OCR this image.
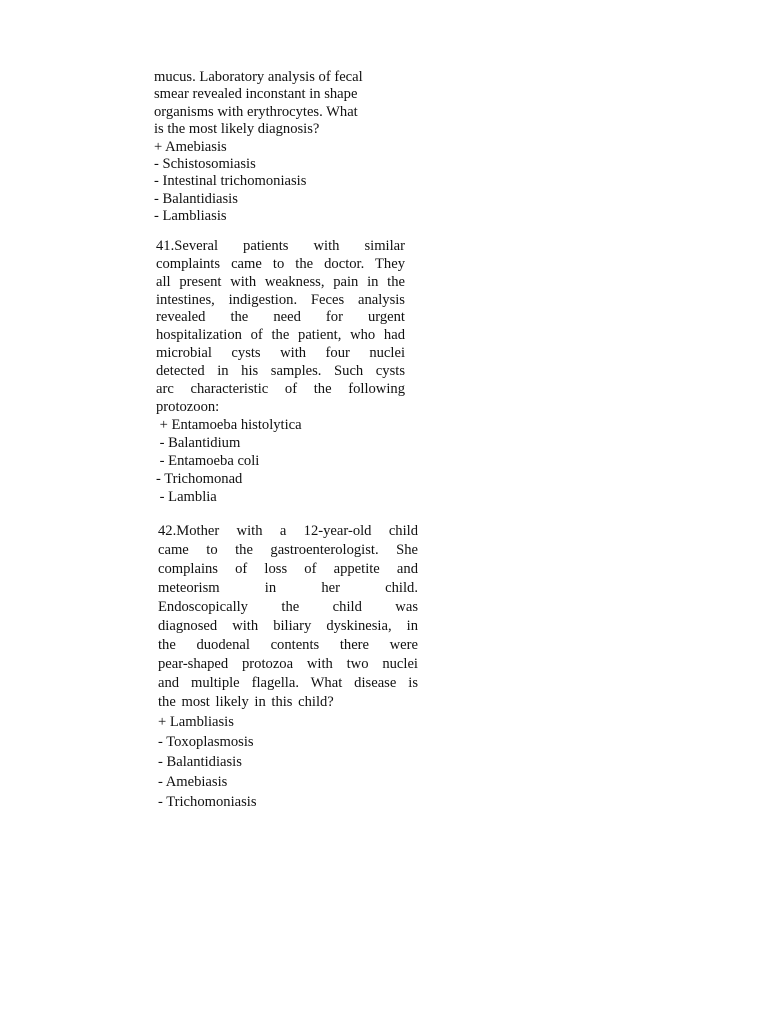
mucus. Laboratory analysis of fecal
smear revealed inconstant in shape
organisms with erythrocytes. What
is the most likely diagnosis?
+ Amebiasis
- Schistosomiasis
- Intestinal trichomoniasis
- Balantidiasis
- Lambliasis
41.Several patients with similar
complaints came to the doctor. They
all present with weakness, pain in the
intestines, indigestion. Feces analysis
revealed the need for urgent
hospitalization of the patient, who had
microbial cysts with four nuclei
detected in his samples. Such cysts
arc characteristic of the following
protozoon:
+ Entamoeba histolytica
- Balantidium
- Entamoeba coli
- Trichomonad
- Lamblia
42.Mother with a 12-year-old child
came to the gastroenterologist. She
complains of loss of appetite and
meteorism in her child.
Endoscopically the child was
diagnosed with biliary dyskinesia, in
the duodenal contents there were
pear-shaped protozoa with two nuclei
and multiple flagella. What disease is
the most likely in this child?
+ Lambliasis
- Toxoplasmosis
- Balantidiasis
- Amebiasis
- Trichomoniasis
